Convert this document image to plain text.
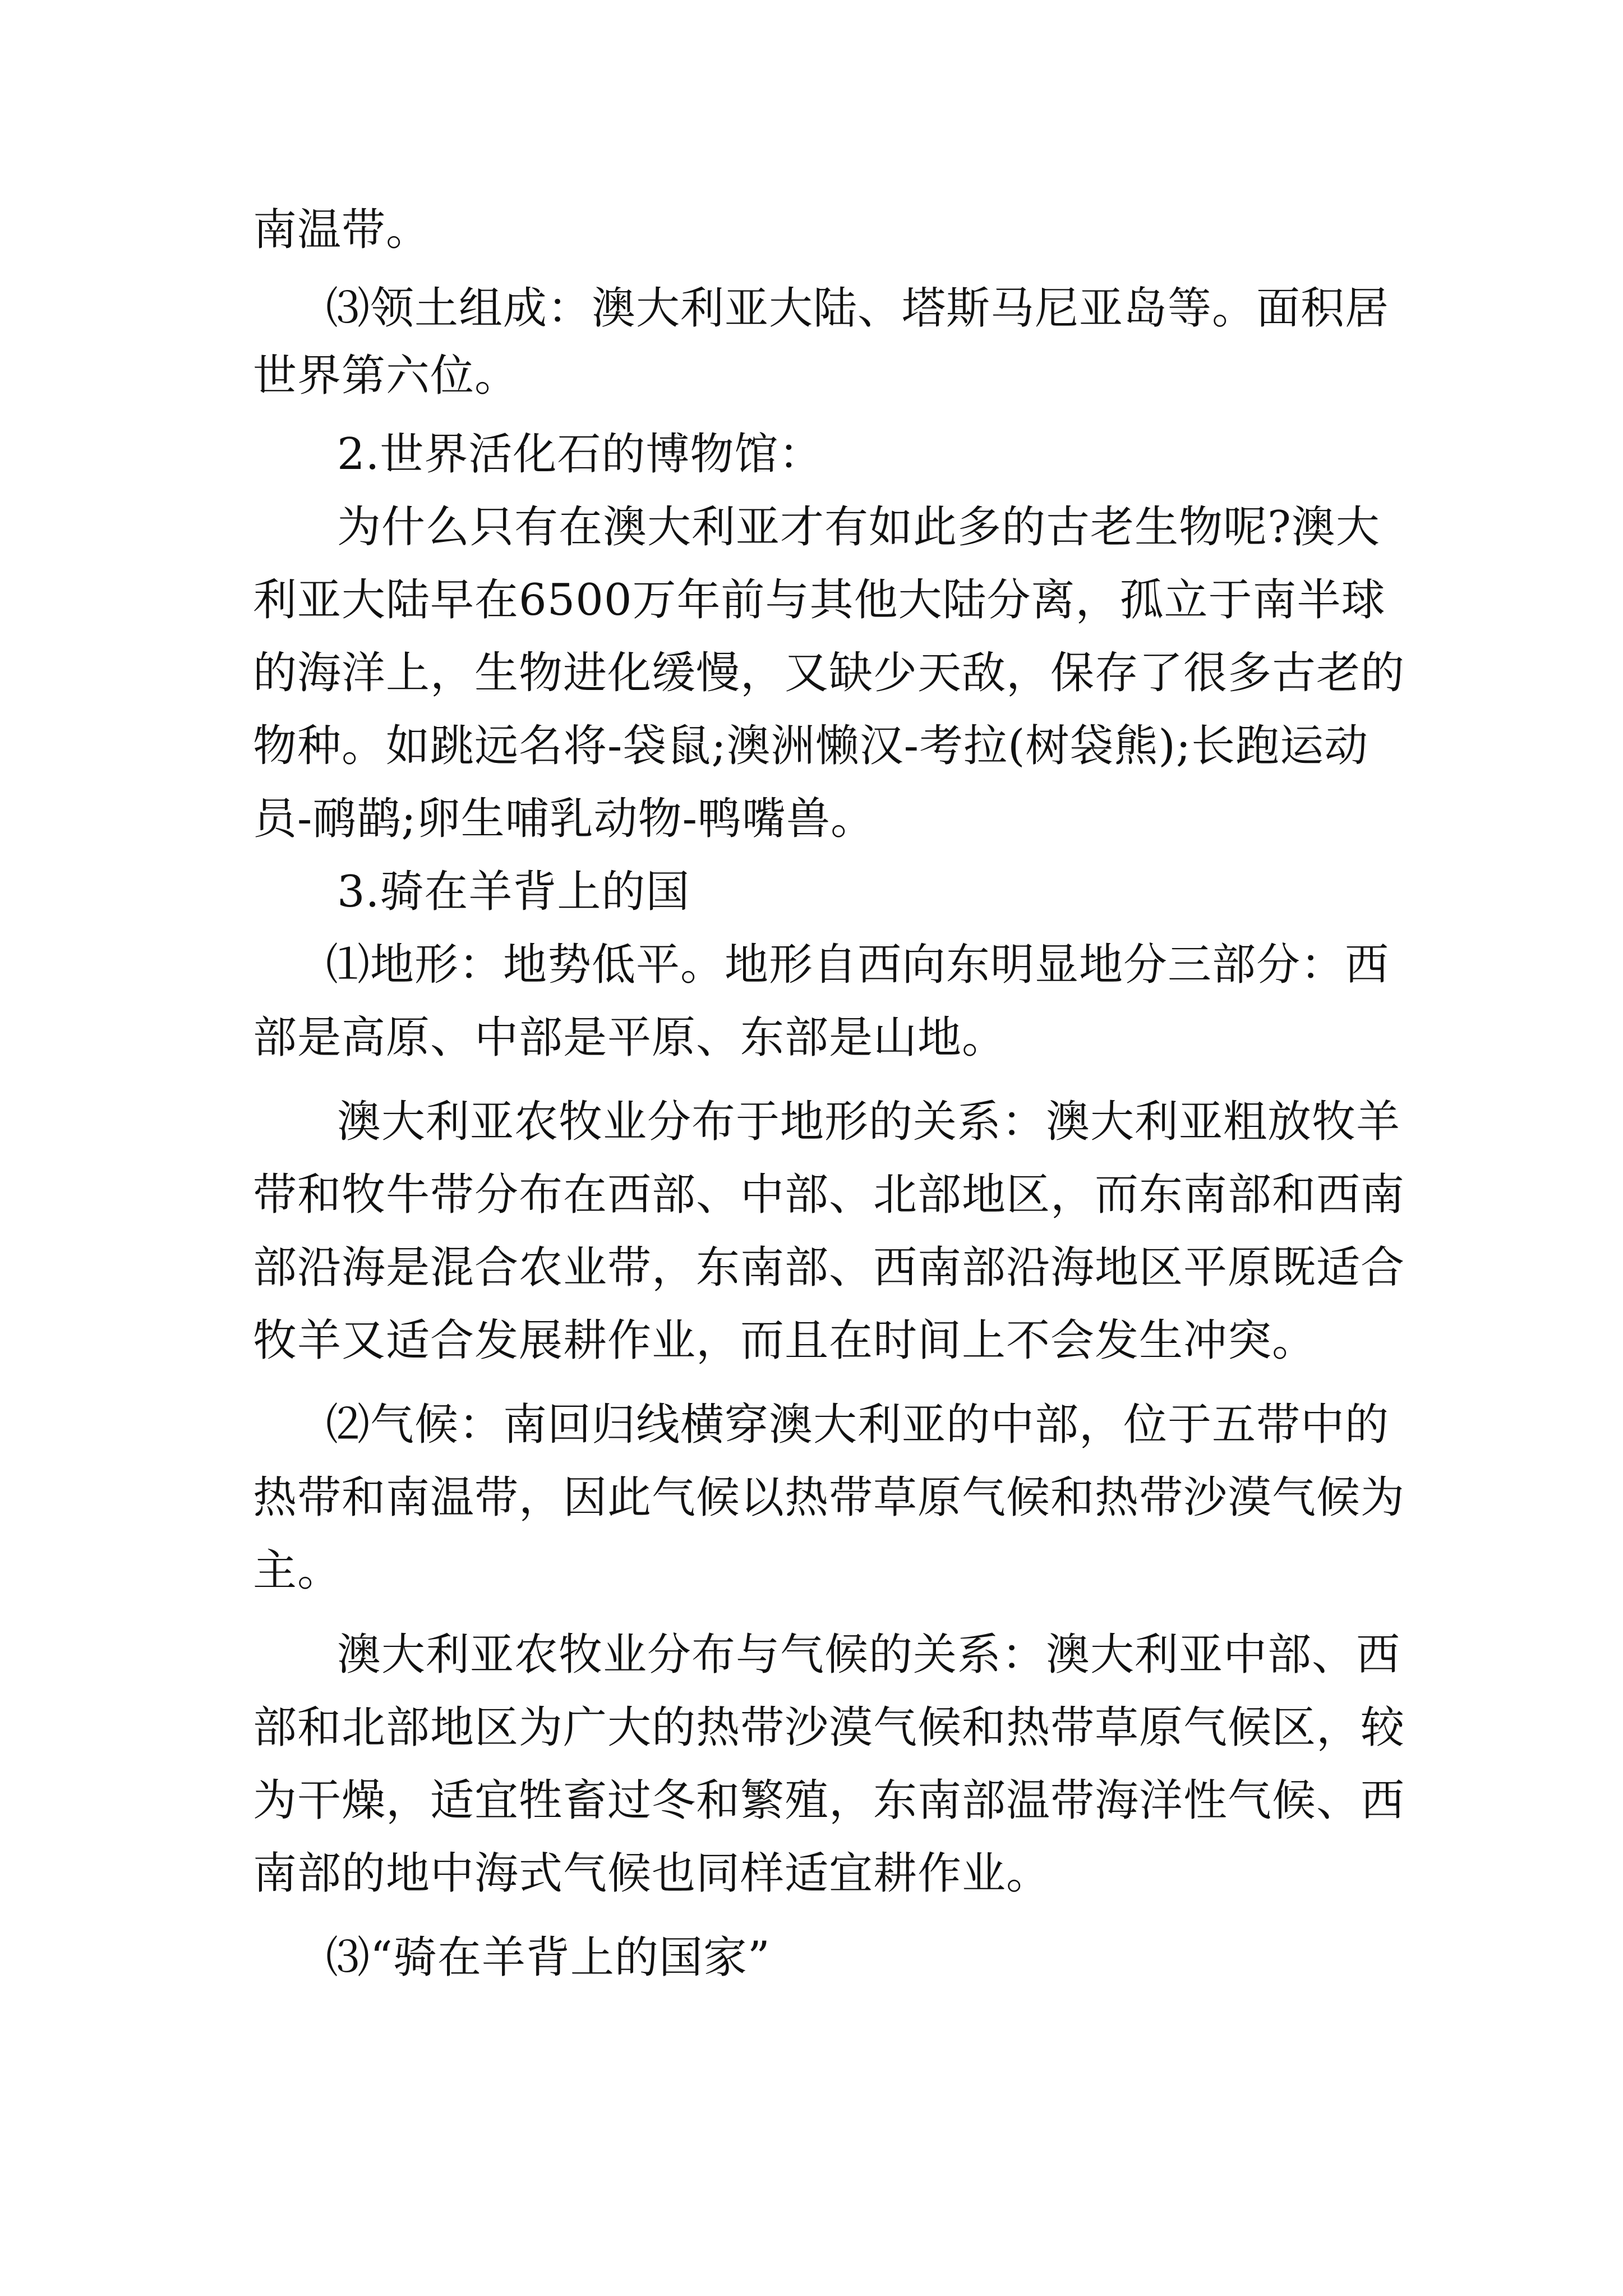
南温带。
⑶领土组成：澳大利亚大陆、塔斯马尼亚岛等。面积居
世界第六位。
2.世界活化石的博物馆：
为什么只有在澳大利亚才有如此多的古老生物呢?澳大
利亚大陆早在6500万年前与其他大陆分离，孤立于南半球
的海洋上，生物进化缓慢，又缺少天敌，保存了很多古老的
物种。如跳远名将-袋鼠;澳洲懒汉-考拉(树袋熊);长跑运动
员-鸸鹋;卵生哺乳动物-鸭嘴兽。
3.骑在羊背上的国
⑴地形：地势低平。地形自西向东明显地分三部分：西
部是高原、中部是平原、东部是山地。
澳大利亚农牧业分布于地形的关系：澳大利亚粗放牧羊
带和牧牛带分布在西部、中部、北部地区，而东南部和西南
部沿海是混合农业带，东南部、西南部沿海地区平原既适合
牧羊又适合发展耕作业，而且在时间上不会发生冲突。
⑵气候：南回归线横穿澳大利亚的中部，位于五带中的
热带和南温带，因此气候以热带草原气候和热带沙漠气候为
主。
澳大利亚农牧业分布与气候的关系：澳大利亚中部、西
部和北部地区为广大的热带沙漠气候和热带草原气候区，较
为干燥，适宜牲畜过冬和繁殖，东南部温带海洋性气候、西
南部的地中海式气候也同样适宜耕作业。
⑶“骑在羊背上的国家”
